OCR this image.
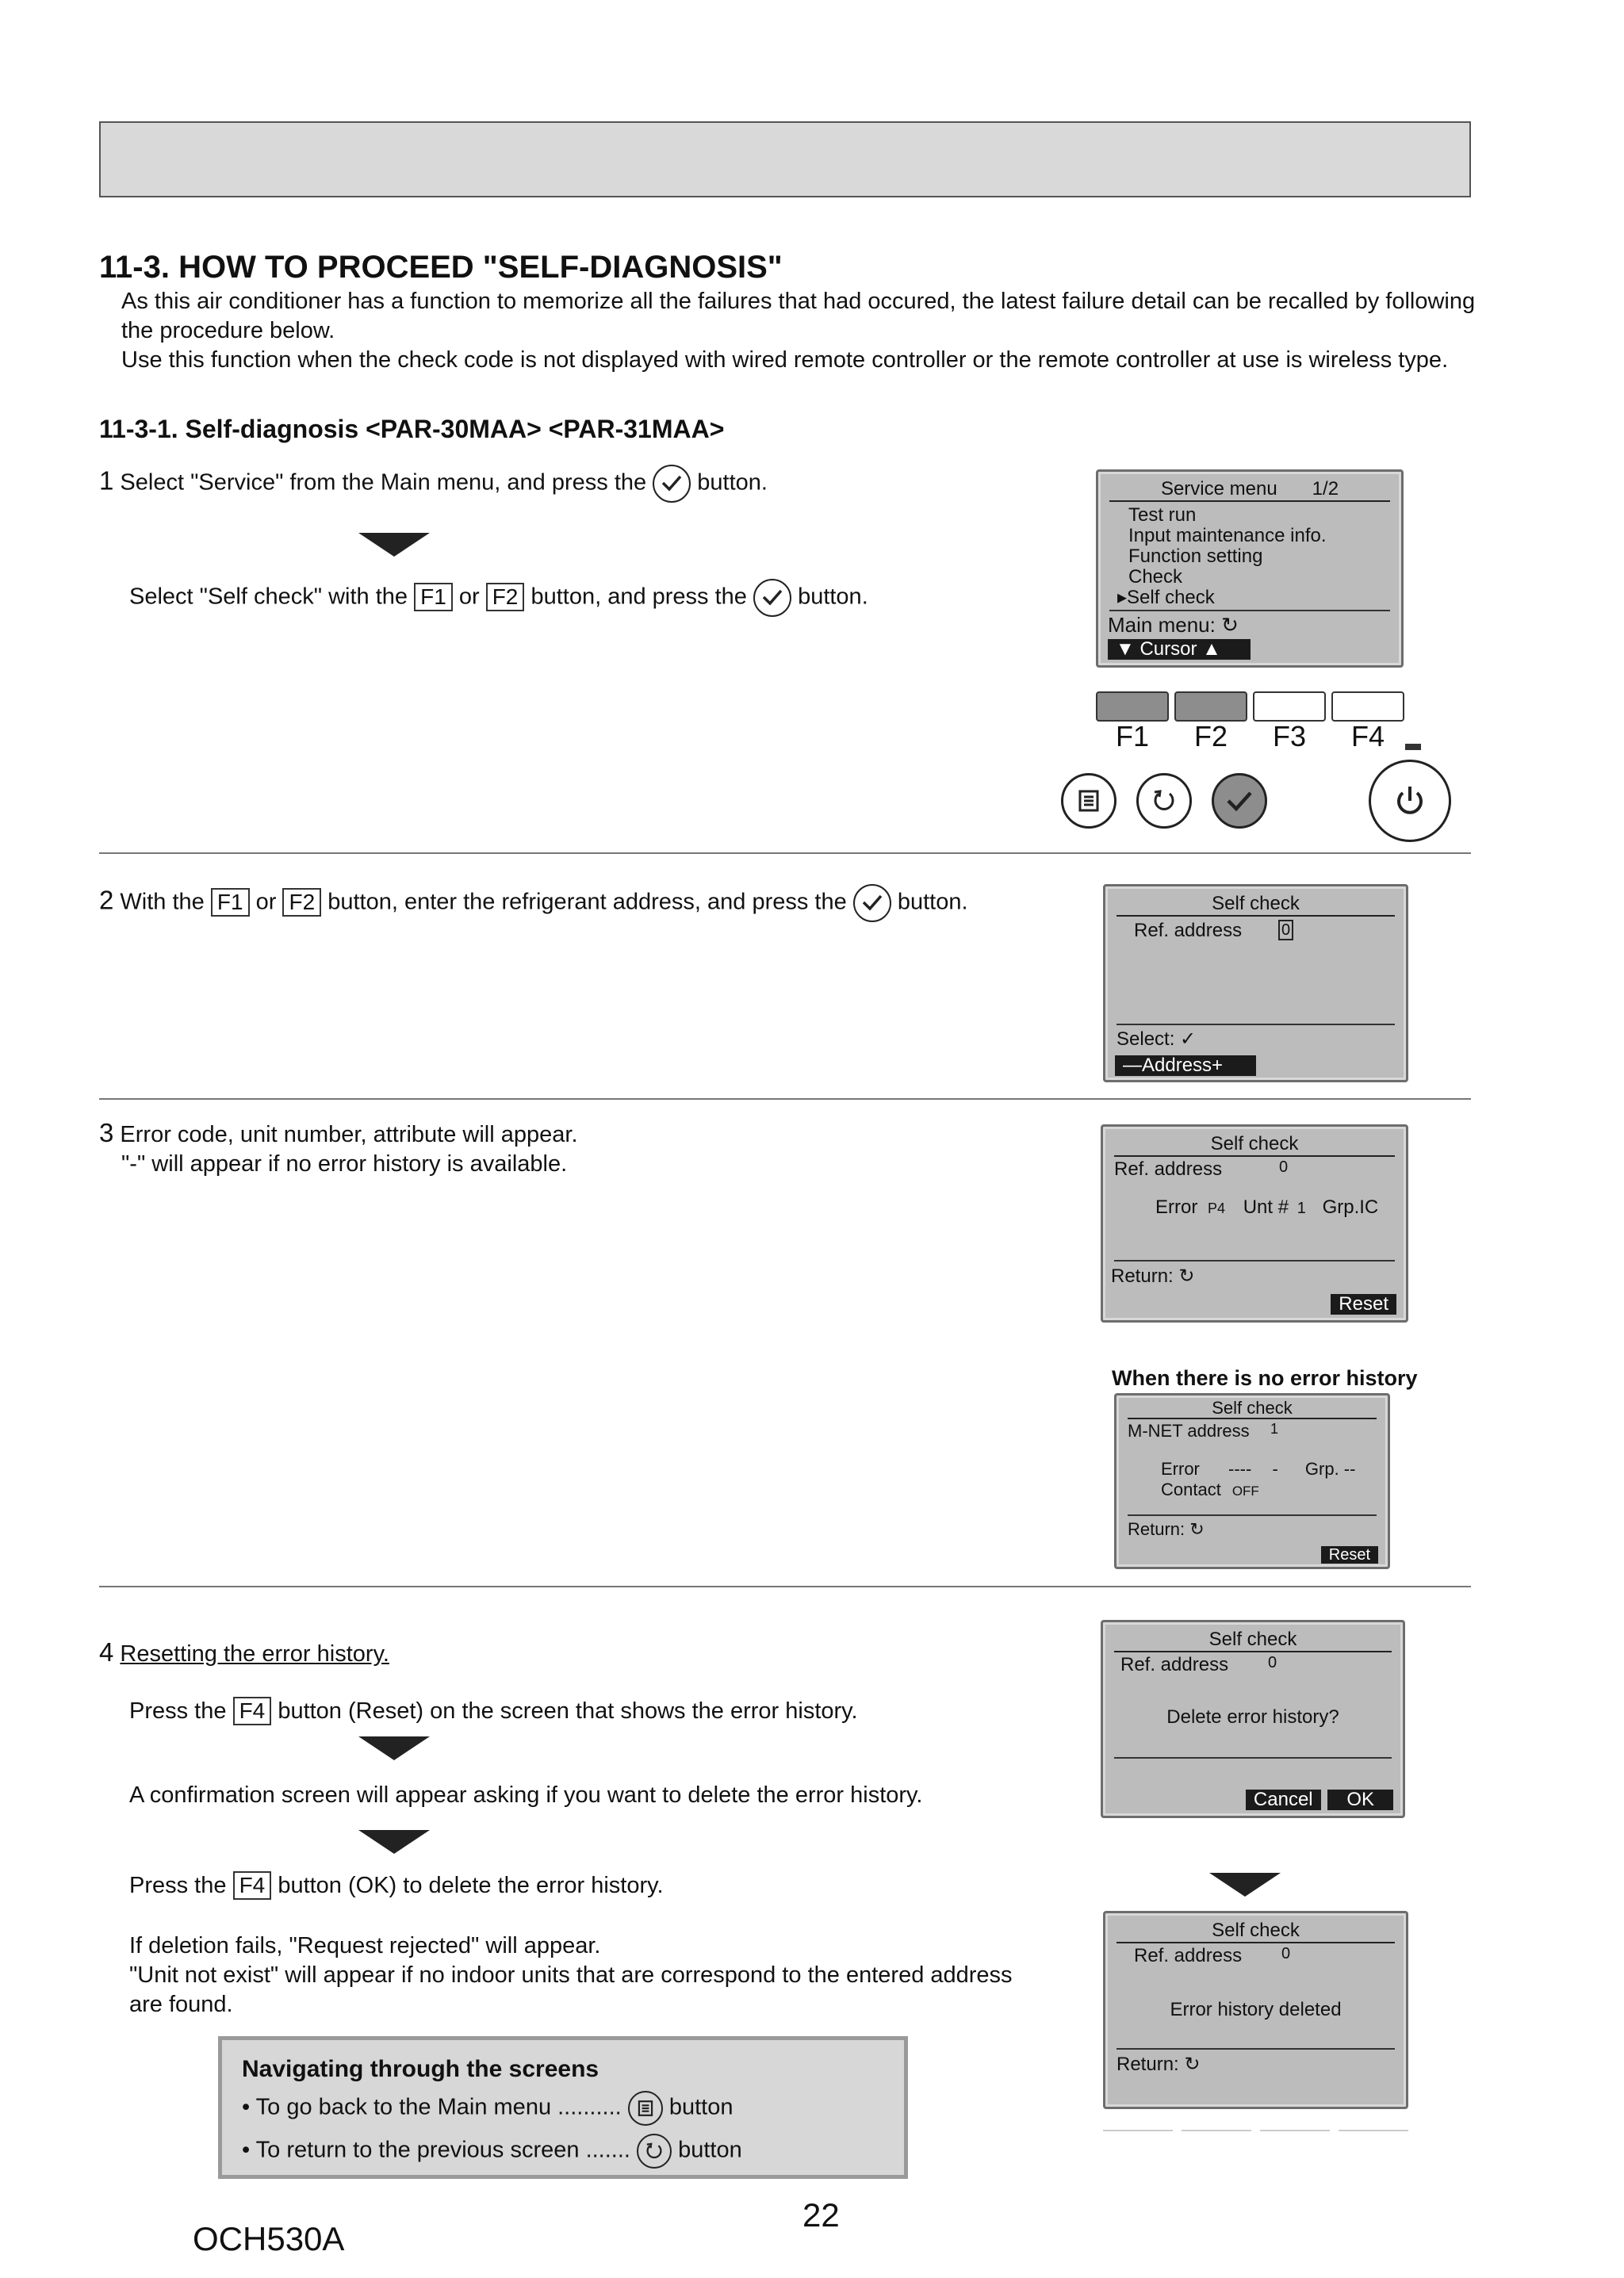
11-3. HOW TO PROCEED "SELF-DIAGNOSIS"
As this air conditioner has a function to memorize all the failures that had occured, the latest failure detail can be recalled by following the procedure below.
Use this function when the check code is not displayed with wired remote controller or the remote controller at use is wireless type.
11-3-1. Self-diagnosis <PAR-30MAA> <PAR-31MAA>
1 Select "Service" from the Main menu, and press the button.
Select "Self check" with the F1 or F2 button, and press the button.
Service menu 1/2
Test run
Input maintenance info.
Function setting
Check
▸Self check
Main menu: ↻
▼ Cursor ▲
F1	F2	F3	F4
2 With the F1 or F2 button, enter the refrigerant address, and press the button.	Self check
Ref. address 0
Select: ✓
—Address+
3 Error code, unit number, attribute will appear.
"-" will appear if no error history is available.
Self check
Ref. address	0
Error P4 Unt # 1 Grp.IC
Return: ↻
Reset
When there is no error history
Self check
M-NET address 1
Error ---- - Grp. --
Contact OFF
Return: ↻
Reset
4 Resetting the error history.
Press the F4 button (Reset) on the screen that shows the error history.
A confirmation screen will appear asking if you want to delete the error history.
Press the F4 button (OK) to delete the error history.
If deletion fails, "Request rejected" will appear.
"Unit not exist" will appear if no indoor units that are correspond to the entered address are found.
Self check
Ref. address 0
Delete error history?
Cancel OK
Self check
Ref. address 0
Error history deleted
Return: ↻
Navigating through the screens
• To go back to the Main menu .......... button
• To return to the previous screen ....... button
OCH530A
22
